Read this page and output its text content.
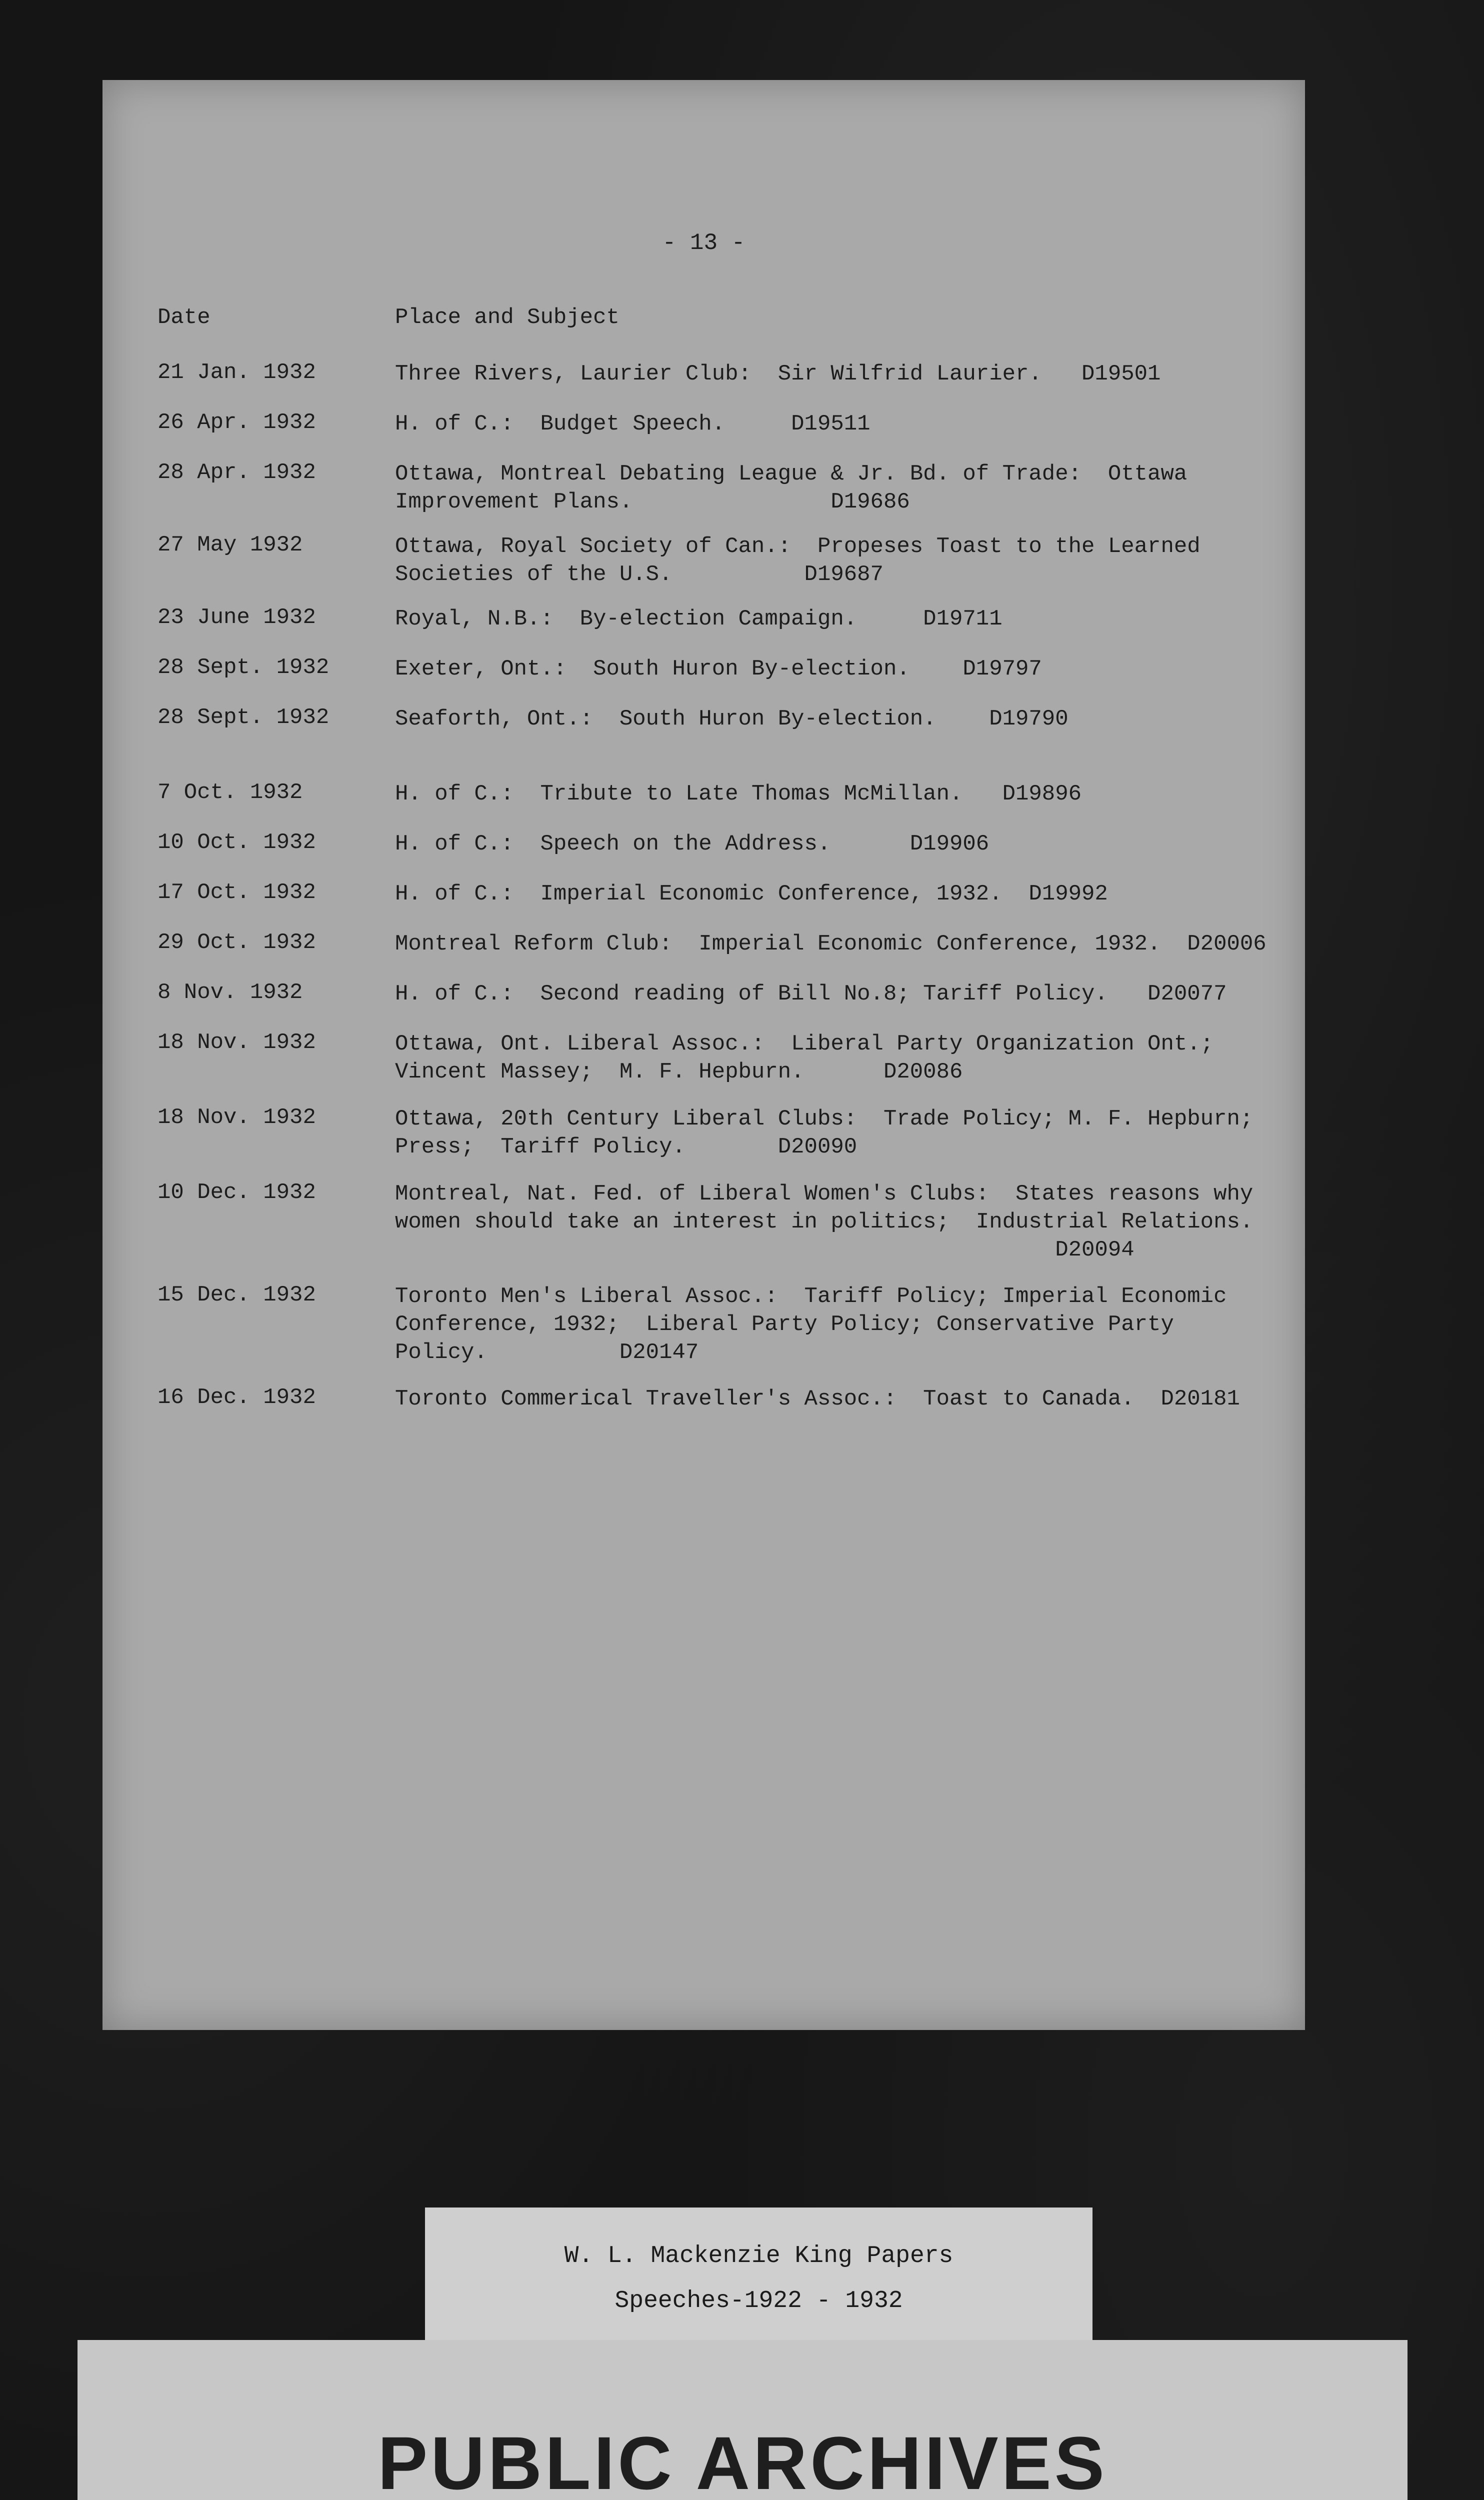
- 13 -
Date	Place and Subject
21 Jan. 1932	Three Rivers, Laurier Club:  Sir Wilfrid Laurier.   D19501
26 Apr. 1932	H. of C.:  Budget Speech.     D19511
28 Apr. 1932	Ottawa, Montreal Debating League & Jr. Bd. of Trade:  Ottawa
Improvement Plans.               D19686
27 May 1932	Ottawa, Royal Society of Can.:  Propeses Toast to the Learned
Societies of the U.S.          D19687
23 June 1932	Royal, N.B.:  By-election Campaign.     D19711
28 Sept. 1932	Exeter, Ont.:  South Huron By-election.    D19797
28 Sept. 1932	Seaforth, Ont.:  South Huron By-election.    D19790
7 Oct. 1932	H. of C.:  Tribute to Late Thomas McMillan.   D19896
10 Oct. 1932	H. of C.:  Speech on the Address.      D19906
17 Oct. 1932	H. of C.:  Imperial Economic Conference, 1932.  D19992
29 Oct. 1932	Montreal Reform Club:  Imperial Economic Conference, 1932.  D20006
8 Nov. 1932	H. of C.:  Second reading of Bill No.8; Tariff Policy.   D20077
18 Nov. 1932	Ottawa, Ont. Liberal Assoc.:  Liberal Party Organization Ont.;
Vincent Massey;  M. F. Hepburn.      D20086
18 Nov. 1932	Ottawa, 20th Century Liberal Clubs:  Trade Policy; M. F. Hepburn;
Press;  Tariff Policy.       D20090
10 Dec. 1932	Montreal, Nat. Fed. of Liberal Women's Clubs:  States reasons why
women should take an interest in politics;  Industrial Relations.
D20094
15 Dec. 1932	Toronto Men's Liberal Assoc.:  Tariff Policy; Imperial Economic
Conference, 1932;  Liberal Party Policy; Conservative Party
Policy.          D20147
16 Dec. 1932	Toronto Commerical Traveller's Assoc.:  Toast to Canada.  D20181
W. L. Mackenzie King Papers
Speeches-1922 - 1932
PUBLIC ARCHIVES
